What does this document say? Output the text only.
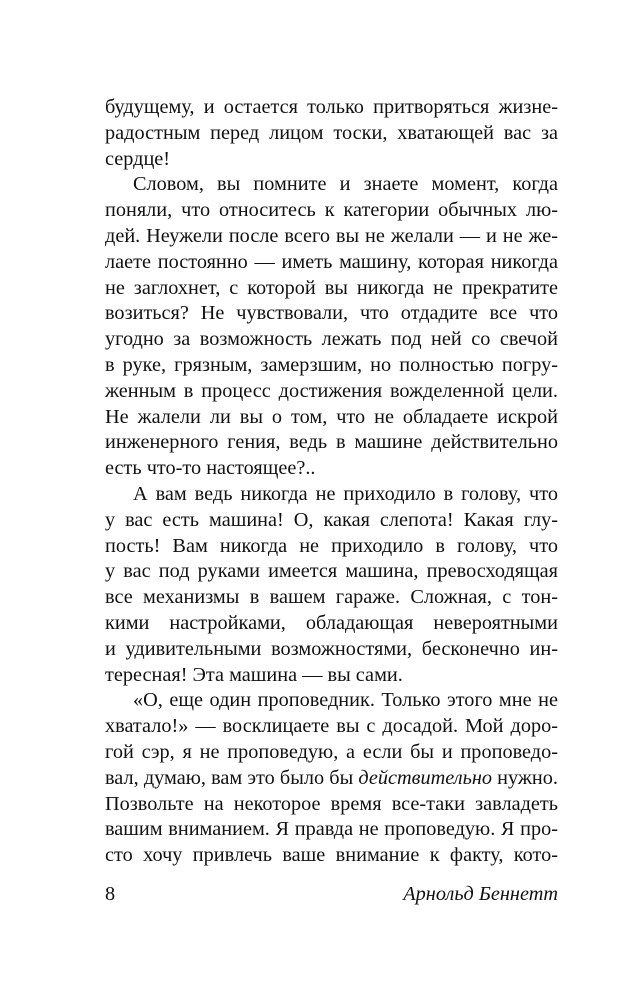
будущему, и остается только притворяться жизне-
радостным перед лицом тоски, хватающей вас за
сердце!

Словом, вы помните и знаете момент, когда
поняли, что относитесь к категории обычных лю-
дей. Неужели после всего вы не желали — и не же-
лаете постоянно — иметь машину, которая никогда
не заглохнет, с которой вы никогда не прекратите
возиться? Не чувствовали, что отдадите все что
угодно за возможность лежать под ней со свечой
в руке, грязным, замерзшим, но полностью погру-
женным в процесс достижения вожделенной цели.
Не жалели ли вы о том, что не обладаете искрой
инженерного гения, ведь в машине действительно
есть что-то настоящее?..

А вам ведь никогда не приходило в голову, что
у вас есть машина! О, какая слепота! Какая глу-
пость! Вам никогда не приходило в голову, что
у вас под руками имеется машина, превосходящая
все механизмы в вашем гараже. Сложная, с тон-
кими настройками, обладающая невероятными
и удивительными возможностями, бесконечно ин-
тересная! Эта машина — вы сами.

«О, еще один проповедник. Только этого мне не
хватало!» — восклицаете вы с досадой. Мой дорo-
гой сэр, я не проповедую, а если бы и проповедо-
вал, думаю, вам это было бы действительно нужно.
Позвольте на некоторое время все-таки завладеть
вашим вниманием. Я правда не проповедую. Я про-
сто хочу привлечь ваше внимание к факту, кото-

8	Арнольд Беннетт
